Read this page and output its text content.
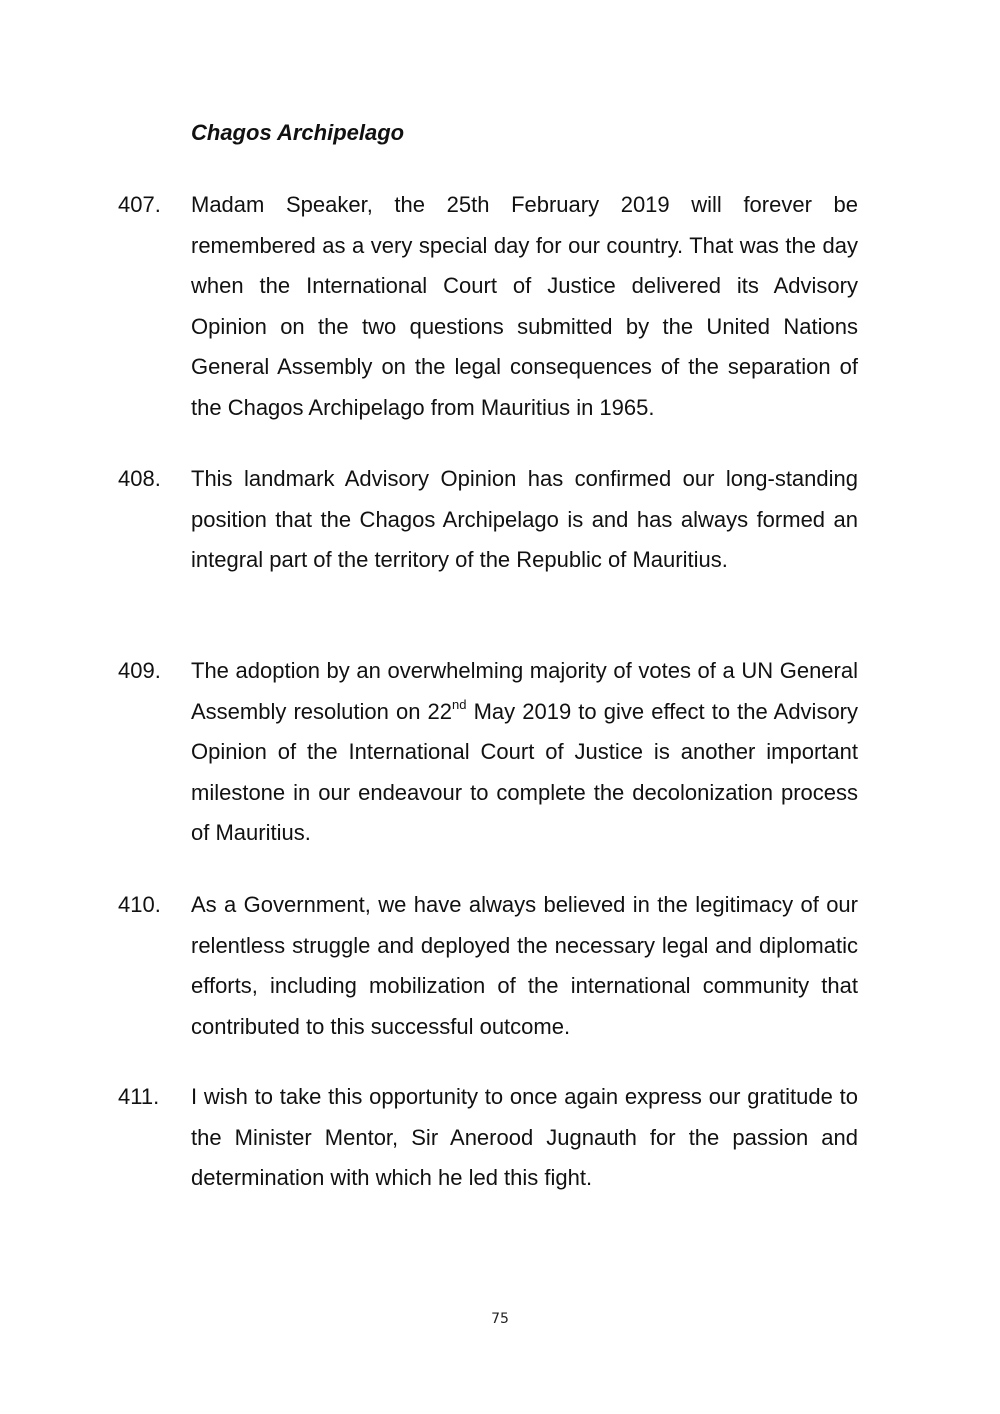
Chagos Archipelago
407.	Madam Speaker, the 25th February 2019 will forever be remembered as a very special day for our country. That was the day when the International Court of Justice delivered its Advisory Opinion on the two questions submitted by the United Nations General Assembly on the legal consequences of the separation of the Chagos Archipelago from Mauritius in 1965.
408.	This landmark Advisory Opinion has confirmed our long-standing position that the Chagos Archipelago is and has always formed an integral part of the territory of the Republic of Mauritius.
409.	The adoption by an overwhelming majority of votes of a UN General Assembly resolution on 22nd May 2019 to give effect to the Advisory Opinion of the International Court of Justice is another important milestone in our endeavour to complete the decolonization process of Mauritius.
410.	As a Government, we have always believed in the legitimacy of our relentless struggle and deployed the necessary legal and diplomatic efforts, including mobilization of the international community that contributed to this successful outcome.
411.	I wish to take this opportunity to once again express our gratitude to the Minister Mentor, Sir Anerood Jugnauth for the passion and determination with which he led this fight.
75
